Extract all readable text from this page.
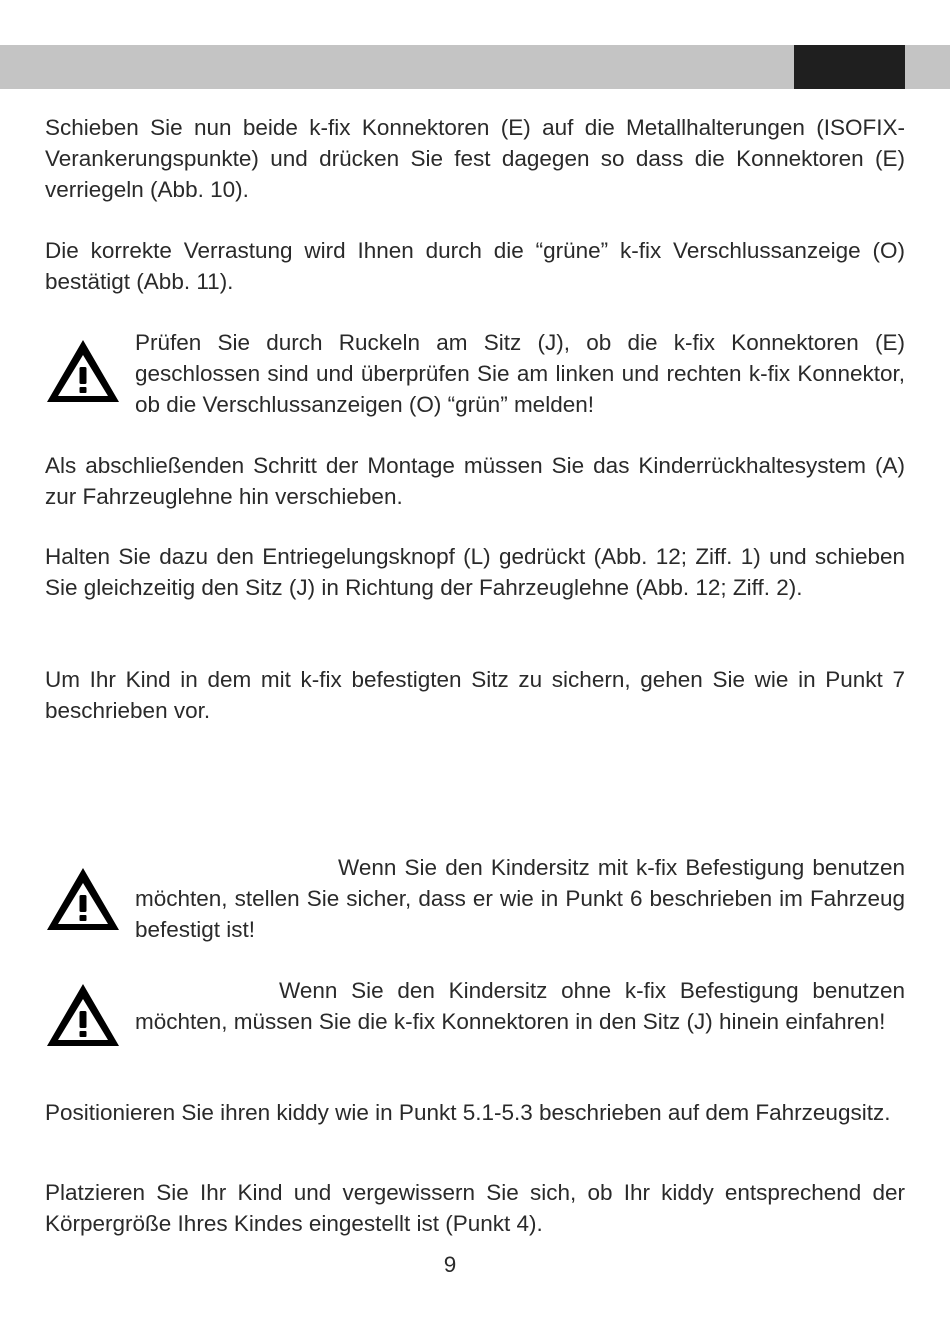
Schieben Sie nun beide k-fix Konnektoren (E) auf die Metallhalterungen (ISOFIX-Verankerungspunkte) und drücken Sie fest dagegen so dass die Konnektoren (E) verriegeln (Abb. 10).

Die korrekte Verrastung wird Ihnen durch die “grüne” k-fix Verschlussanzeige (O) bestätigt (Abb. 11).

Prüfen Sie durch Ruckeln am Sitz (J), ob die k-fix Konnektoren (E) geschlossen sind und überprüfen Sie am linken und rechten k-fix Konnektor, ob die Verschlussanzeigen (O) “grün” melden!

Als abschließenden Schritt der Montage müssen Sie das Kinderrückhaltesystem (A) zur Fahrzeuglehne hin verschieben.

Halten Sie dazu den Entriegelungsknopf (L) gedrückt (Abb. 12; Ziff. 1) und schieben Sie gleichzeitig den Sitz (J) in Richtung der Fahrzeuglehne (Abb. 12; Ziff. 2).

Um Ihr Kind in dem mit k-fix befestigten Sitz zu sichern, gehen Sie wie in Punkt 7 beschrieben vor.

Wenn Sie den Kindersitz mit k-fix Befestigung benutzen möchten, stellen Sie sicher, dass er wie in Punkt 6 beschrieben im Fahrzeug befestigt ist!

Wenn Sie den Kindersitz ohne k-fix Befestigung benutzen möchten, müssen Sie die k-fix Konnektoren in den Sitz (J) hinein einfahren!

Positionieren Sie ihren kiddy wie in Punkt 5.1-5.3 beschrieben auf dem Fahrzeugsitz.

Platzieren Sie Ihr Kind und vergewissern Sie sich, ob Ihr kiddy entsprechend der Körpergröße Ihres Kindes eingestellt ist (Punkt 4).

9
